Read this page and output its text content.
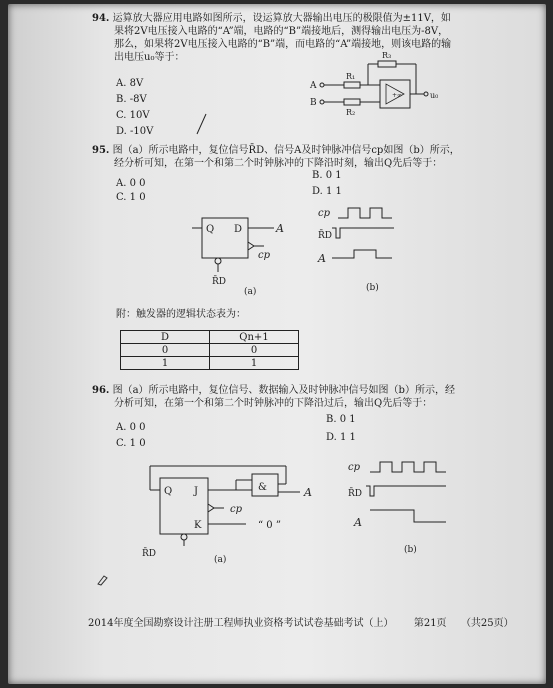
94. 运算放大器应用电路如图所示，设运算放大器输出电压的极限值为±11V，如
果将2V电压接入电路的“A”端，电路的“B”端接地后，测得输出电压为-8V，
那么，如果将2V电压接入电路的“B”端，而电路的“A”端接地，则该电路的输
出电压u₀等于：
A. 8V
B. -8V
C. 10V
D. -10V
A
B
R₁
R₂
R₃
+∞	u₀
95. 图（a）所示电路中，复位信号R̄D、信号A及时钟脉冲信号cp如图（b）所示，
经分析可知，在第一个和第二个时钟脉冲的下降沿时刻，输出Q先后等于：
A. 0 0
B. 0 1
C. 1 0
D. 1 1
Q D	A
cp
R̄D
(a)
cp
R̄D
A
(b)
附：触发器的逻辑状态表为：
D	Qn+1
0	0
1	1
96. 图（a）所示电路中，复位信号、数据输入及时钟脉冲信号如图（b）所示，经
分析可知，在第一个和第二个时钟脉冲的下降沿过后，输出Q先后等于：
A. 0 0
B. 0 1
C. 1 0
D. 1 1
Q J
K
&	A
cp
“ 0 ”
R̄D
(a)
cp
R̄D
A
(b)
2014年度全国勘察设计注册工程师执业资格考试试卷基础考试（上） 第21页 （共25页）
